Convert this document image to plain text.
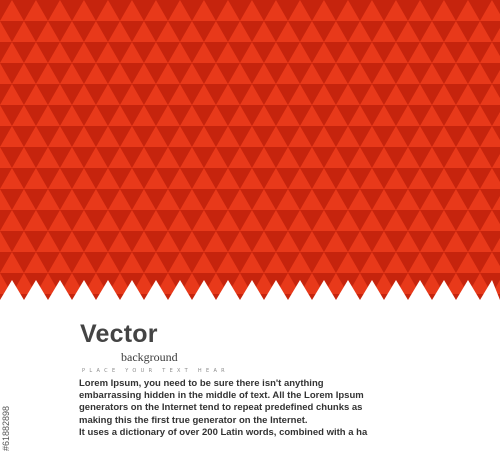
Vector
background
PLACE YOUR TEXT HEAR
Lorem Ipsum, you need to be sure there isn't anything
embarrassing hidden in the middle of text. All the Lorem Ipsum
generators on the Internet tend to repeat predefined chunks as
making this the first true generator on the Internet.
It uses a dictionary of over 200 Latin words, combined with a ha
#61882898
